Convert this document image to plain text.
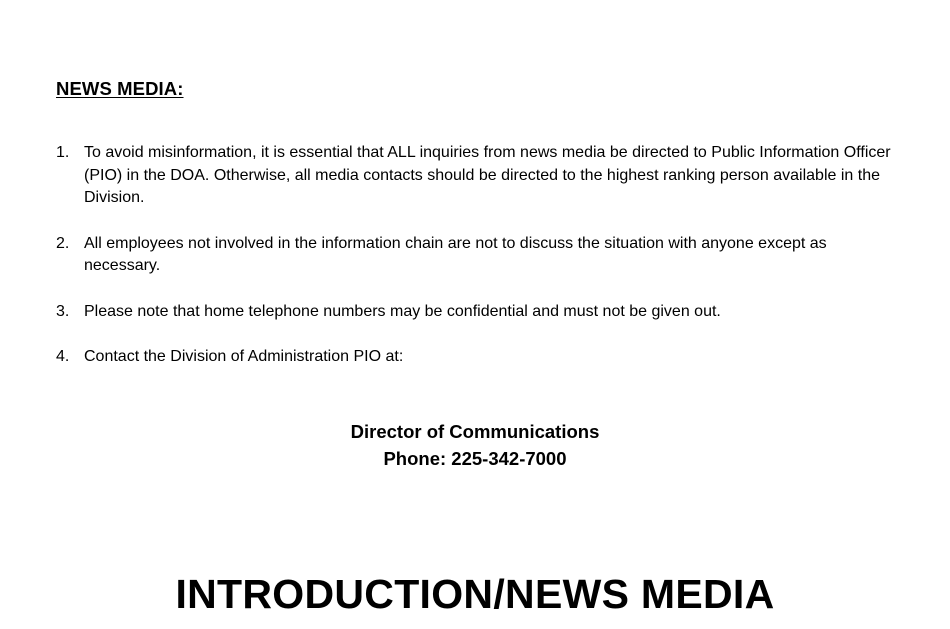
NEWS MEDIA:
1. To avoid misinformation, it is essential that ALL inquiries from news media be directed to Public Information Officer (PIO) in the DOA. Otherwise, all media contacts should be directed to the highest ranking person available in the Division.
2. All employees not involved in the information chain are not to discuss the situation with anyone except as necessary.
3. Please note that home telephone numbers may be confidential and must not be given out.
4. Contact the Division of Administration PIO at:
Director of Communications
Phone: 225-342-7000
INTRODUCTION/NEWS MEDIA
